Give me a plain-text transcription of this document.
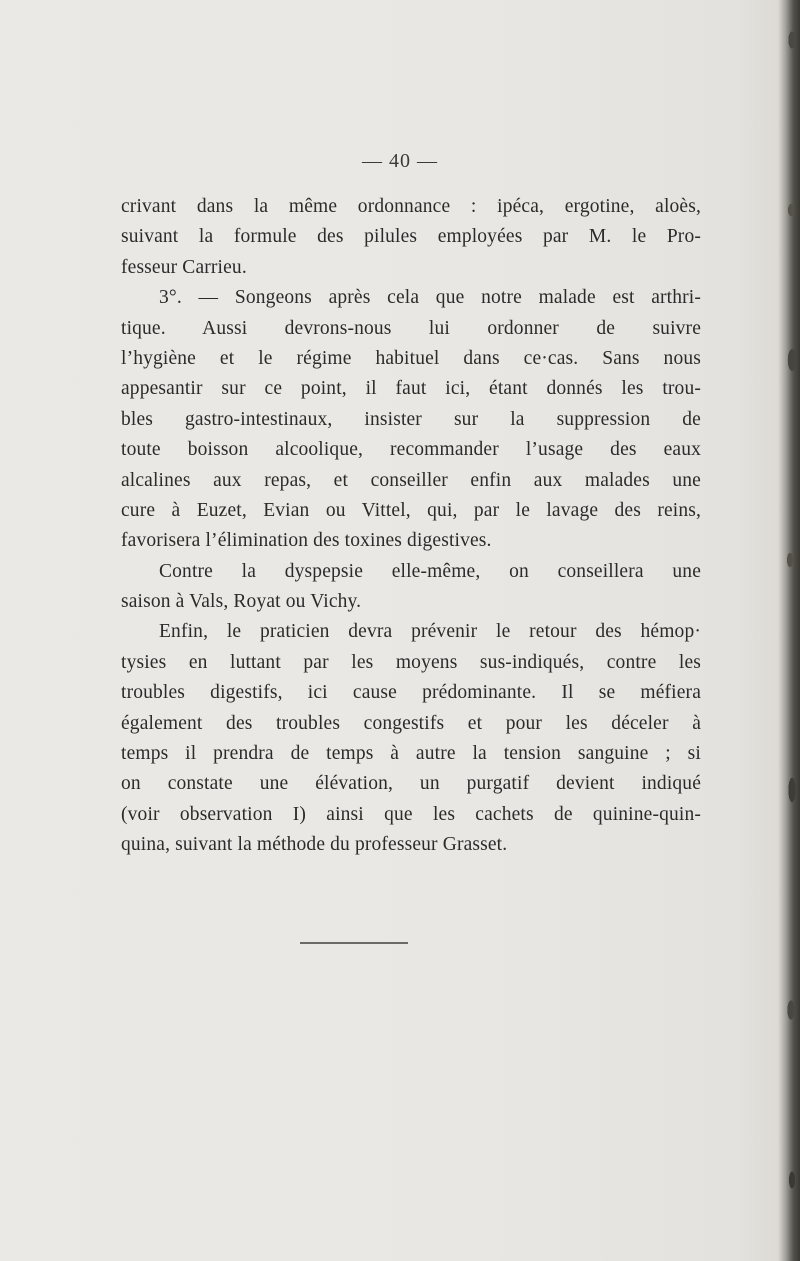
— 40 —
crivant dans la même ordonnance : ipéca, ergotine, aloès,
suivant la formule des pilules employées par M. le Pro-
fesseur Carrieu.
3°. — Songeons après cela que notre malade est arthri-
tique. Aussi devrons-nous lui ordonner de suivre
l’hygiène et le régime habituel dans ce·cas. Sans nous
appesantir sur ce point, il faut ici, étant donnés les trou-
bles gastro-intestinaux, insister sur la suppression de
toute boisson alcoolique, recommander l’usage des eaux
alcalines aux repas, et conseiller enfin aux malades une
cure à Euzet, Evian ou Vittel, qui, par le lavage des reins,
favorisera l’élimination des toxines digestives.
Contre la dyspepsie elle-même, on conseillera une
saison à Vals, Royat ou Vichy.
Enfin, le praticien devra prévenir le retour des hémop·
tysies en luttant par les moyens sus-indiqués, contre les
troubles digestifs, ici cause prédominante. Il se méfiera
également des troubles congestifs et pour les déceler à
temps il prendra de temps à autre la tension sanguine ; si
on constate une élévation, un purgatif devient indiqué
(voir observation I) ainsi que les cachets de quinine-quin-
quina, suivant la méthode du professeur Grasset.
